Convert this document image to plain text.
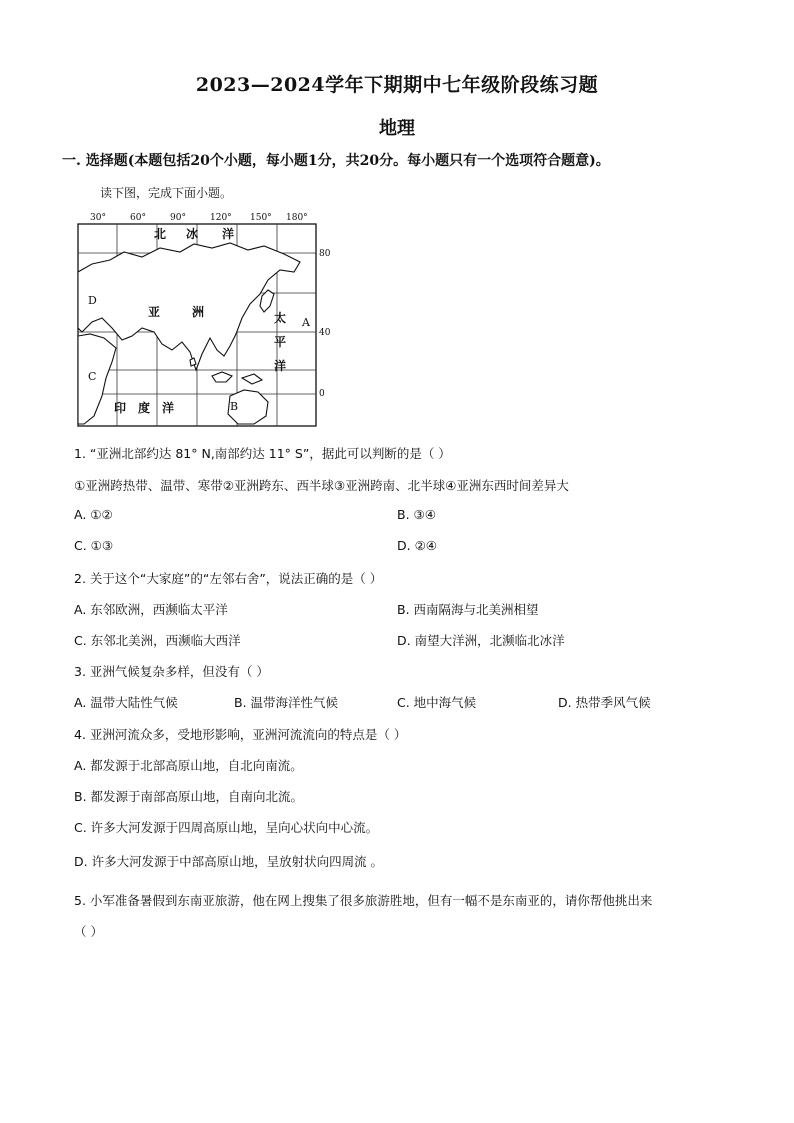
2023—2024学年下期期中七年级阶段练习题
地理
一. 选择题(本题包括20个小题，每小题1分，共20分。每小题只有一个选项符合题意)。
读下图，完成下面小题。
30°	60°	90°	120° 150° 180°
80
40
0
北 冰 洋
亚	洲	太
平
洋
印 度 洋
A
B
C
D
1. “亚洲北部约达 81° N,南部约达 11° S”，据此可以判断的是（ ）
①亚洲跨热带、温带、寒带②亚洲跨东、西半球③亚洲跨南、北半球④亚洲东西时间差异大
A. ①②	B. ③④
C. ①③	D. ②④
2. 关于这个“大家庭”的“左邻右舍”，说法正确的是（ ）
A. 东邻欧洲，西濒临太平洋	B. 西南隔海与北美洲相望
C. 东邻北美洲，西濒临大西洋	D. 南望大洋洲，北濒临北冰洋
3. 亚洲气候复杂多样，但没有（ ）
A. 温带大陆性气候	B. 温带海洋性气候	C. 地中海气候	D. 热带季风气候
4. 亚洲河流众多，受地形影响，亚洲河流流向的特点是（ ）
A. 都发源于北部高原山地，自北向南流。
B. 都发源于南部高原山地，自南向北流。
C. 许多大河发源于四周高原山地，呈向心状向中心流。
D. 许多大河发源于中部高原山地，呈放射状向四周流 。
5. 小军准备暑假到东南亚旅游，他在网上搜集了很多旅游胜地，但有一幅不是东南亚的，请你帮他挑出来
（ ）
